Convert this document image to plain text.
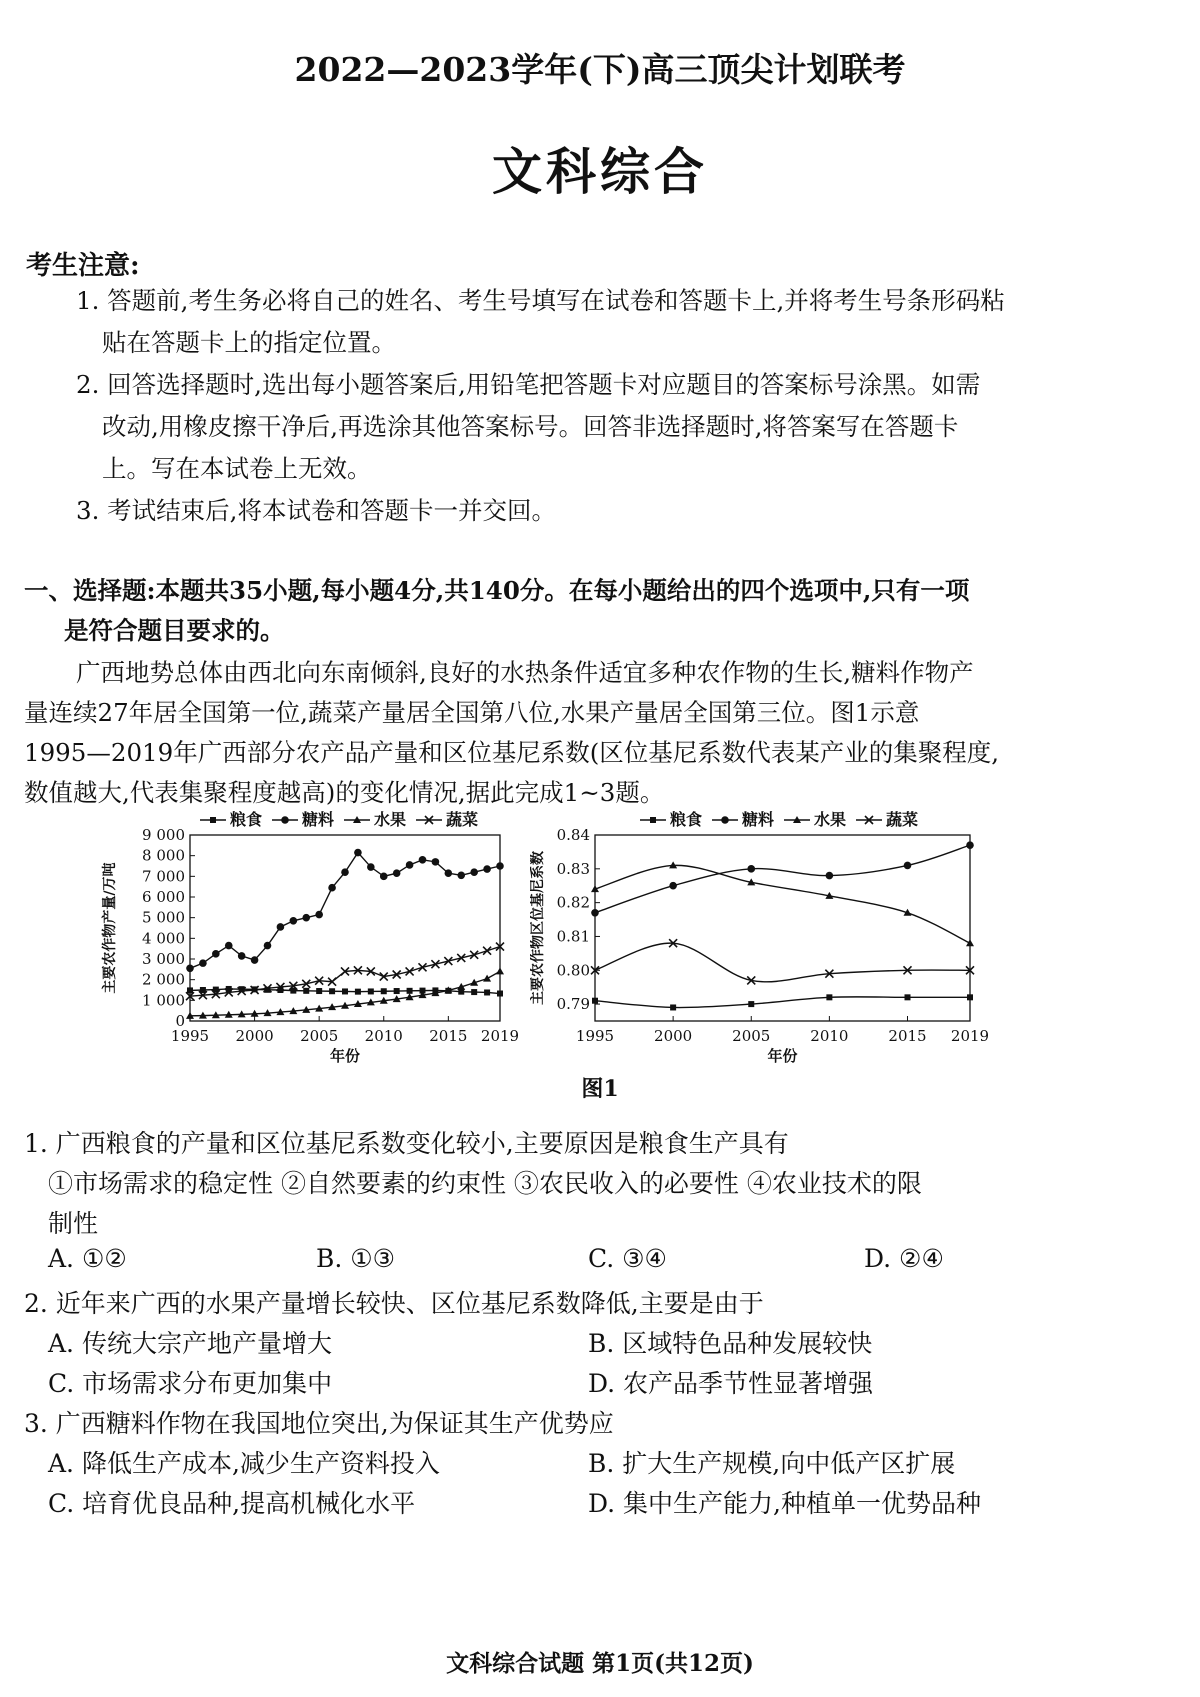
2022—2023学年(下)高三顶尖计划联考
文科综合
考生注意:
1. 答题前,考生务必将自己的姓名、考生号填写在试卷和答题卡上,并将考生号条形码粘
贴在答题卡上的指定位置。
2. 回答选择题时,选出每小题答案后,用铅笔把答题卡对应题目的答案标号涂黑。如需
改动,用橡皮擦干净后,再选涂其他答案标号。回答非选择题时,将答案写在答题卡
上。写在本试卷上无效。
3. 考试结束后,将本试卷和答题卡一并交回。
一、选择题:本题共35小题,每小题4分,共140分。在每小题给出的四个选项中,只有一项
是符合题目要求的。
广西地势总体由西北向东南倾斜,良好的水热条件适宜多种农作物的生长,糖料作物产
量连续27年居全国第一位,蔬菜产量居全国第八位,水果产量居全国第三位。图1示意
1995—2019年广西部分农产品产量和区位基尼系数(区位基尼系数代表某产业的集聚程度,
数值越大,代表集聚程度越高)的变化情况,据此完成1~3题。
0
1 000
2 000
3 000
4 000
5 000
6 000
7 000
8 000
9 000
1995 2000 2005 2010 2015 2019
年份
主要农作物产量/万吨
粮食 糖料 水果 蔬菜
0.79
0.80
0.81
0.82
0.83
0.84
1995	2000	2005	2010	2015 2019
年份
主要农作物区位基尼系数
粮食 糖料 水果 蔬菜
图1
1. 广西粮食的产量和区位基尼系数变化较小,主要原因是粮食生产具有
①市场需求的稳定性 ②自然要素的约束性 ③农民收入的必要性 ④农业技术的限
制性
A. ①②	B. ①③	C. ③④	D. ②④
2. 近年来广西的水果产量增长较快、区位基尼系数降低,主要是由于
A. 传统大宗产地产量增大	B. 区域特色品种发展较快
C. 市场需求分布更加集中	D. 农产品季节性显著增强
3. 广西糖料作物在我国地位突出,为保证其生产优势应
A. 降低生产成本,减少生产资料投入	B. 扩大生产规模,向中低产区扩展
C. 培育优良品种,提高机械化水平	D. 集中生产能力,种植单一优势品种
文科综合试题 第1页(共12页)
